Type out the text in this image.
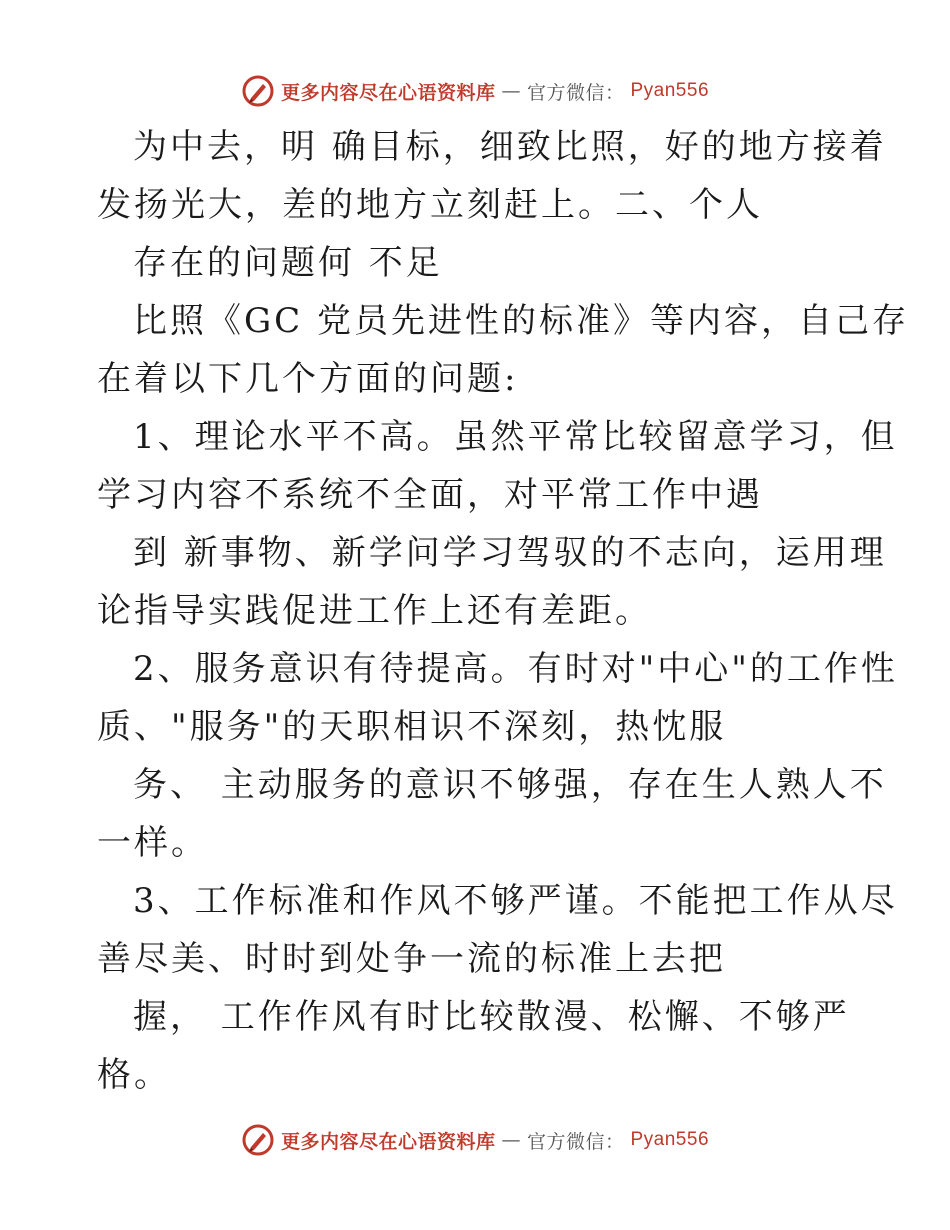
更多内容尽在心语资料库 — 官方微信： Pyan556
为中去，明 确目标，细致比照，好的地方接着
发扬光大，差的地方立刻赶上。二、个人
存在的问题何 不足
比照《GC 党员先进性的标准》等内容，自己存
在着以下几个方面的问题:
1、理论水平不高。虽然平常比较留意学习，但
学习内容不系统不全面，对平常工作中遇
到 新事物、新学问学习驾驭的不志向，运用理
论指导实践促进工作上还有差距。
2、服务意识有待提高。有时对"中心"的工作性
质、"服务"的天职相识不深刻，热忱服
务、 主动服务的意识不够强，存在生人熟人不
一样。
3、工作标准和作风不够严谨。不能把工作从尽
善尽美、时时到处争一流的标准上去把
握， 工作作风有时比较散漫、松懈、不够严
格。
更多内容尽在心语资料库 — 官方微信： Pyan556
